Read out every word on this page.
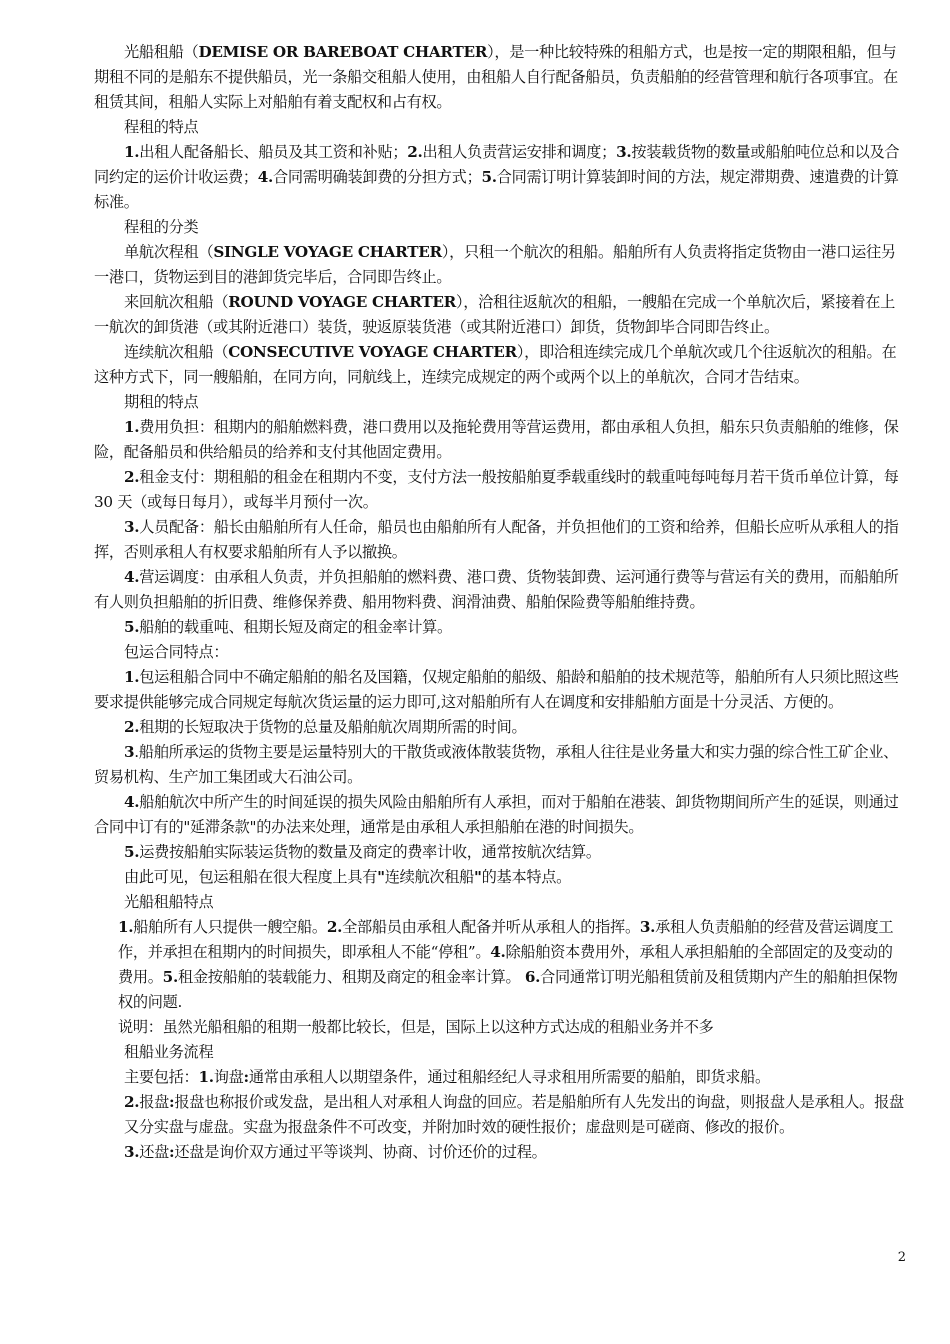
光船租船（DEMISE OR BAREBOAT CHARTER），是一种比较特殊的租船方式，也是按一定的期限租船，但与期租不同的是船东不提供船员，光一条船交租船人使用，由租船人自行配备船员，负责船舶的经营管理和航行各项事宜。在租赁其间，租船人实际上对船舶有着支配权和占有权。

程租的特点

1.出租人配备船长、船员及其工资和补贴；2.出租人负责营运安排和调度；3.按装载货物的数量或船舶吨位总和以及合同约定的运价计收运费；4.合同需明确装卸费的分担方式；5.合同需订明计算装卸时间的方法，规定滞期费、速遣费的计算标准。

程租的分类

单航次程租（SINGLE VOYAGE CHARTER），只租一个航次的租船。船舶所有人负责将指定货物由一港口运往另一港口，货物运到目的港卸货完毕后，合同即告终止。

来回航次租船（ROUND VOYAGE CHARTER），洽租往返航次的租船，一艘船在完成一个单航次后，紧接着在上一航次的卸货港（或其附近港口）装货，驶返原装货港（或其附近港口）卸货，货物卸毕合同即告终止。

连续航次租船（CONSECUTIVE VOYAGE CHARTER），即洽租连续完成几个单航次或几个往返航次的租船。在这种方式下，同一艘船舶，在同方向，同航线上，连续完成规定的两个或两个以上的单航次，合同才告结束。

期租的特点

1.费用负担：租期内的船舶燃料费，港口费用以及拖轮费用等营运费用，都由承租人负担，船东只负责船舶的维修，保险，配备船员和供给船员的给养和支付其他固定费用。

2.租金支付：期租船的租金在租期内不变，支付方法一般按船舶夏季载重线时的载重吨每吨每月若干货币单位计算，每 30 天（或每日每月），或每半月预付一次。

3.人员配备：船长由船舶所有人任命，船员也由船舶所有人配备，并负担他们的工资和给养，但船长应听从承租人的指挥，否则承租人有权要求船舶所有人予以撤换。

4.营运调度：由承租人负责，并负担船舶的燃料费、港口费、货物装卸费、运河通行费等与营运有关的费用，而船舶所有人则负担船舶的折旧费、维修保养费、船用物料费、润滑油费、船舶保险费等船舶维持费。

5.船舶的载重吨、租期长短及商定的租金率计算。

包运合同特点：

1.包运租船合同中不确定船舶的船名及国籍，仅规定船舶的船级、船龄和船舶的技术规范等，船舶所有人只须比照这些要求提供能够完成合同规定每航次货运量的运力即可,这对船舶所有人在调度和安排船舶方面是十分灵活、方便的。

2.租期的长短取决于货物的总量及船舶航次周期所需的时间。

3.船舶所承运的货物主要是运量特别大的干散货或液体散装货物，承租人往往是业务量大和实力强的综合性工矿企业、贸易机构、生产加工集团或大石油公司。

4.船舶航次中所产生的时间延误的损失风险由船舶所有人承担，而对于船舶在港装、卸货物期间所产生的延误，则通过合同中订有的"延滞条款"的办法来处理，通常是由承租人承担船舶在港的时间损失。

5.运费按船舶实际装运货物的数量及商定的费率计收，通常按航次结算。

由此可见，包运租船在很大程度上具有"连续航次租船"的基本特点。

光船租船特点

1.船舶所有人只提供一艘空船。2.全部船员由承租人配备并听从承租人的指挥。3.承租人负责船舶的经营及营运调度工作，并承担在租期内的时间损失，即承租人不能“停租”。4.除船舶资本费用外，承租人承担船舶的全部固定的及变动的费用。5.租金按船舶的装载能力、租期及商定的租金率计算。 6.合同通常订明光船租赁前及租赁期内产生的船舶担保物权的问题.

说明：虽然光船租船的租期一般都比较长，但是，国际上以这种方式达成的租船业务并不多

租船业务流程

主要包括：1.询盘:通常由承租人以期望条件，通过租船经纪人寻求租用所需要的船舶，即货求船。

2.报盘:报盘也称报价或发盘，是出租人对承租人询盘的回应。若是船舶所有人先发出的询盘，则报盘人是承租人。报盘又分实盘与虚盘。实盘为报盘条件不可改变，并附加时效的硬性报价；虚盘则是可磋商、修改的报价。

3.还盘:还盘是询价双方通过平等谈判、协商、讨价还价的过程。

2
